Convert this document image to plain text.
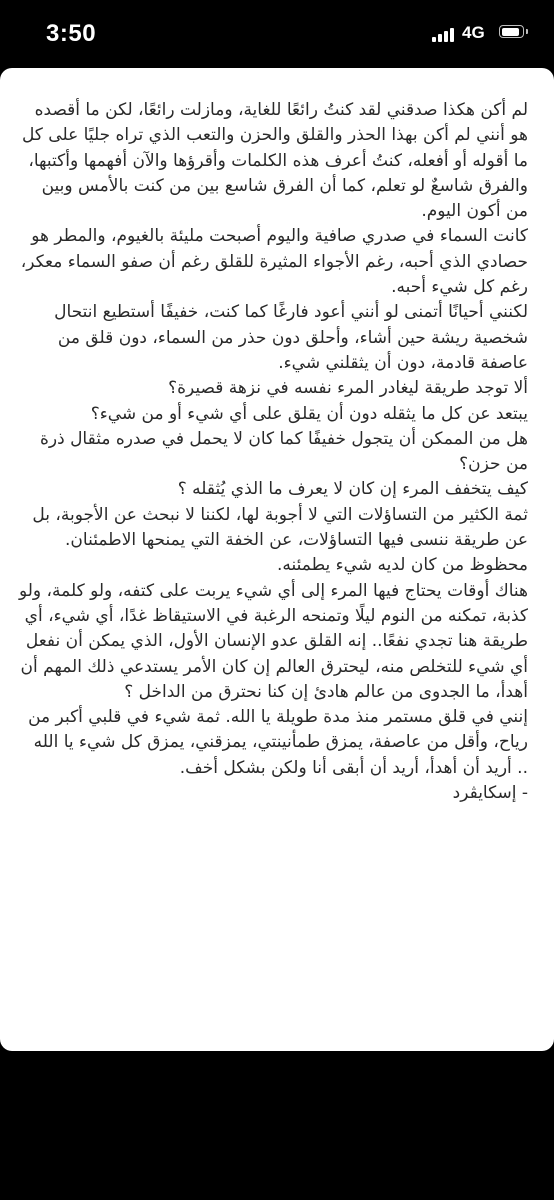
3:50	4G

لم أكن هكذا صدقني لقد كنتُ رائعًا للغاية، ومازلت رائعًا، لكن ما أقصده هو أنني لم أكن بهذا الحذر والقلق والحزن والتعب الذي تراه جليًا على كل ما أقوله أو أفعله، كنتُ أعرف هذه الكلمات وأقرؤها والآن أفهمها وأكتبها، والفرق شاسعٌ لو تعلم، كما أن الفرق شاسع بين من كنت بالأمس وبين من أكون اليوم.

كانت السماء في صدري صافية واليوم أصبحت مليئة بالغيوم، والمطر هو حصادي الذي أحبه، رغم الأجواء المثيرة للقلق رغم أن صفو السماء معكر، رغم كل شيء أحبه.

لكنني أحيانًا أتمنى لو أنني أعود فارغًا كما كنت، خفيفًا أستطيع انتحال شخصية ريشة حين أشاء، وأحلق دون حذر من السماء، دون قلق من عاصفة قادمة، دون أن يثقلني شيء.

ألا توجد طريقة ليغادر المرء نفسه في نزهة قصيرة؟

يبتعد عن كل ما يثقله دون أن يقلق على أي شيء أو من شيء؟

هل من الممكن أن يتجول خفيفًا كما كان لا يحمل في صدره مثقال ذرة من حزن؟

كيف يتخفف المرء إن كان لا يعرف ما الذي يُثقله ؟

ثمة الكثير من التساؤلات التي لا أجوبة لها، لكننا لا نبحث عن الأجوبة، بل عن طريقة ننسى فيها التساؤلات، عن الخفة التي يمنحها الاطمئنان. محظوظ من كان لديه شيء يطمئنه.

هناك أوقات يحتاج فيها المرء إلى أي شيء يربت على كتفه، ولو كلمة، ولو كذبة، تمكنه من النوم ليلًا وتمنحه الرغبة في الاستيقاظ غدًا، أي شيء، أي طريقة هنا تجدي نفعًا.. إنه القلق عدو الإنسان الأول، الذي يمكن أن نفعل أي شيء للتخلص منه، ليحترق العالم إن كان الأمر يستدعي ذلك المهم أن أهدأ، ما الجدوى من عالم هادئ إن كنا نحترق من الداخل ؟

إنني في قلق مستمر منذ مدة طويلة يا الله. ثمة شيء في قلبي أكبر من رياح، وأقل من عاصفة، يمزق طمأنينتي، يمزقني، يمزق كل شيء يا الله .. أريد أن أهدأ، أريد أن أبقى أنا ولكن بشكل أخف.

- إسكايڤرد
